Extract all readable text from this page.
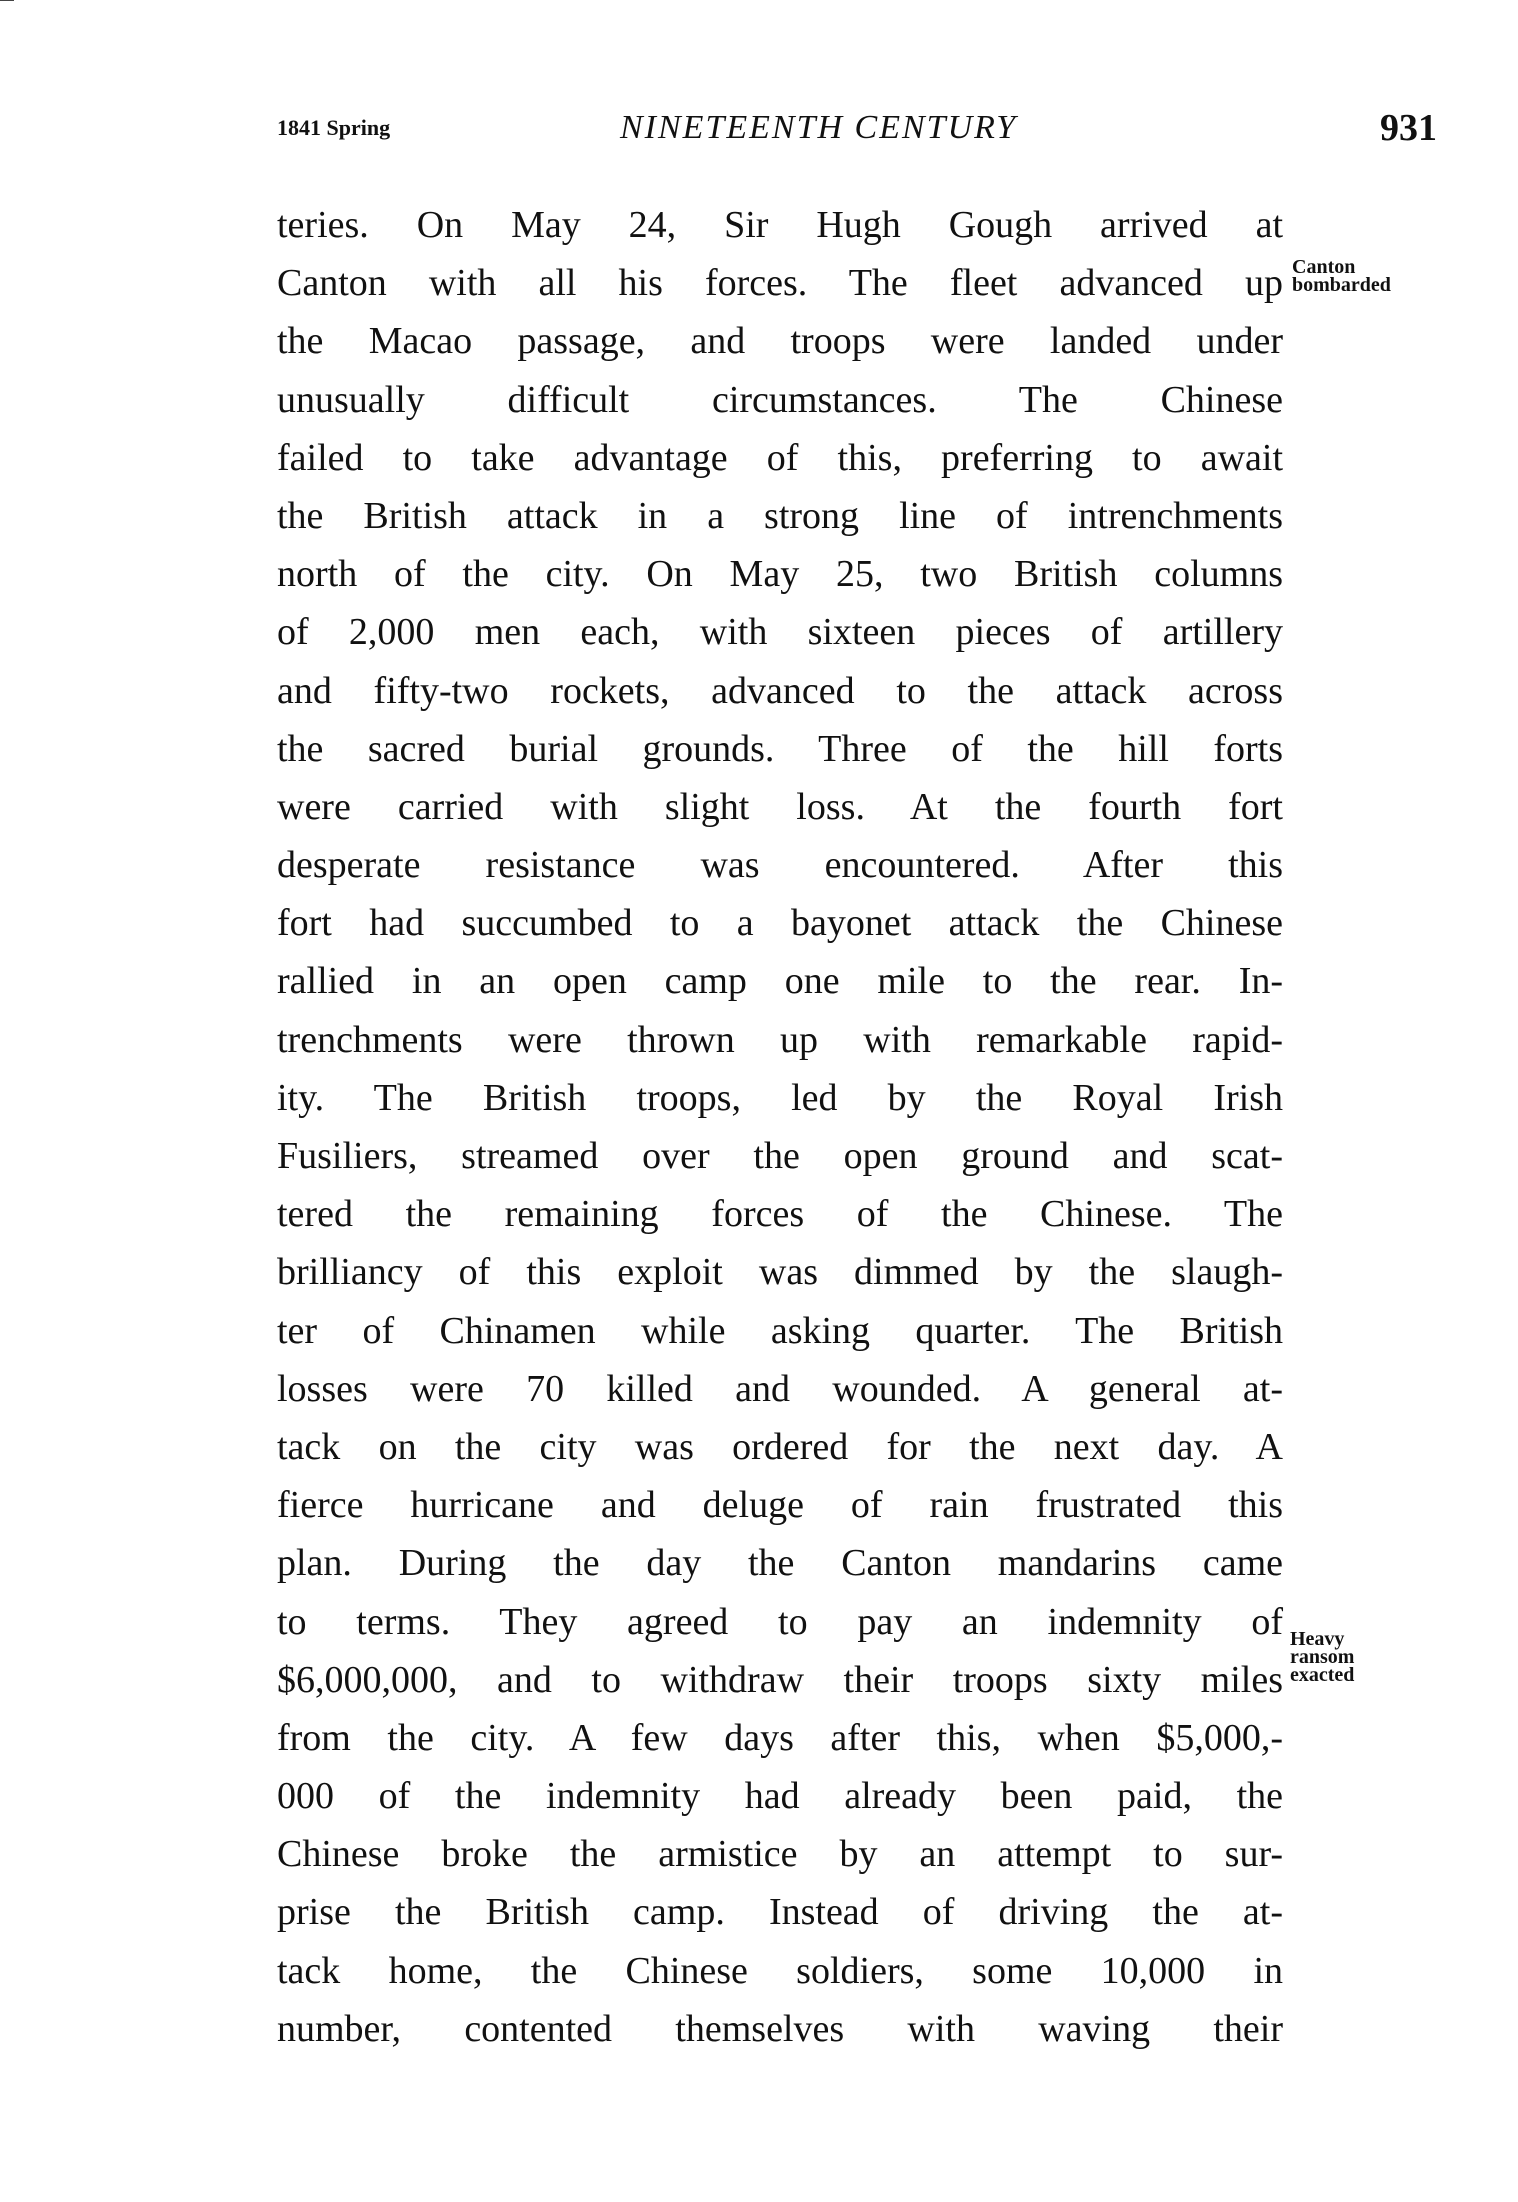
1841 Spring	NINETEENTH CENTURY	931
teries. On May 24, Sir Hugh Gough arrived at
Canton with all his forces. The fleet advanced up
the Macao passage, and troops were landed under
unusually difficult circumstances. The Chinese
failed to take advantage of this, preferring to await
the British attack in a strong line of intrenchments
north of the city. On May 25, two British columns
of 2,000 men each, with sixteen pieces of artillery
and fifty-two rockets, advanced to the attack across
the sacred burial grounds. Three of the hill forts
were carried with slight loss. At the fourth fort
desperate resistance was encountered. After this
fort had succumbed to a bayonet attack the Chinese
rallied in an open camp one mile to the rear. In-
trenchments were thrown up with remarkable rapid-
ity. The British troops, led by the Royal Irish
Fusiliers, streamed over the open ground and scat-
tered the remaining forces of the Chinese. The
brilliancy of this exploit was dimmed by the slaugh-
ter of Chinamen while asking quarter. The British
losses were 70 killed and wounded. A general at-
tack on the city was ordered for the next day. A
fierce hurricane and deluge of rain frustrated this
plan. During the day the Canton mandarins came
to terms. They agreed to pay an indemnity of
$6,000,000, and to withdraw their troops sixty miles
from the city. A few days after this, when $5,000,-
000 of the indemnity had already been paid, the
Chinese broke the armistice by an attempt to sur-
prise the British camp. Instead of driving the at-
tack home, the Chinese soldiers, some 10,000 in
number, contented themselves with waving their
Canton
bombarded
Heavy
ransom
exacted
